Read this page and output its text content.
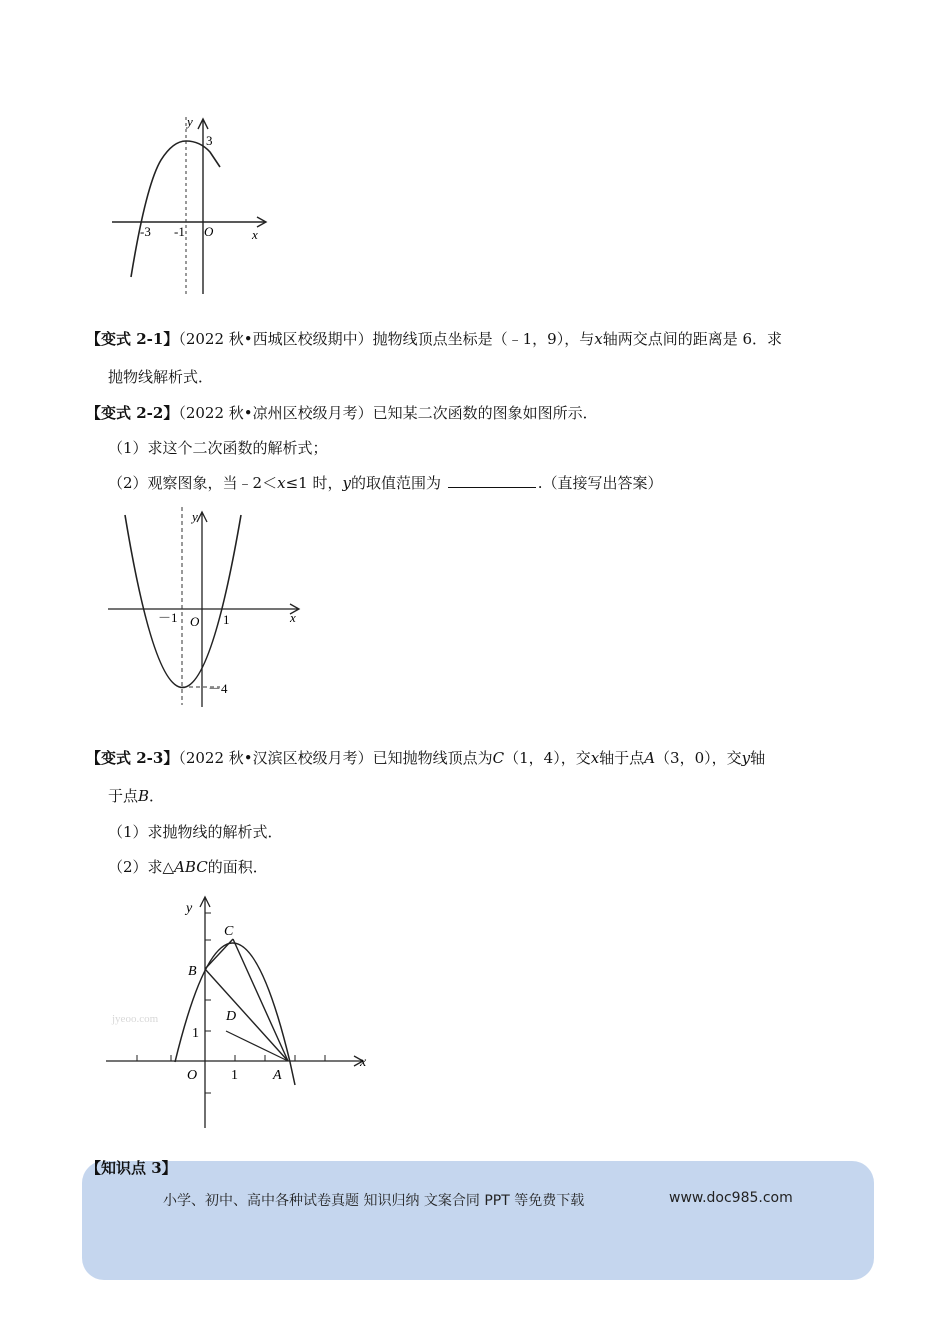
y
3
-3 -1 O	x
【变式 2-1】（2022 秋•西城区校级期中）抛物线顶点坐标是（﹣1，9），与x轴两交点间的距离是 6．求
抛物线解析式．
【变式 2-2】（2022 秋•凉州区校级月考）已知某二次函数的图象如图所示．
（1）求这个二次函数的解析式；
（2）观察图象，当﹣2＜x≤1 时，y的取值范围为	.（直接写出答案）
y
－1 O 1	x
－4
【变式 2-3】（2022 秋•汉滨区校级月考）已知抛物线顶点为C（1，4），交x轴于点A（3，0），交y轴
于点B．
（1）求抛物线的解析式．
（2）求△ABC的面积．
jyeoo.com
y
C
B
D
1
O 1	A
x
【知识点 3】
小学、初中、高中各种试卷真题 知识归纳 文案合同 PPT 等免费下载	www.doc985.com
